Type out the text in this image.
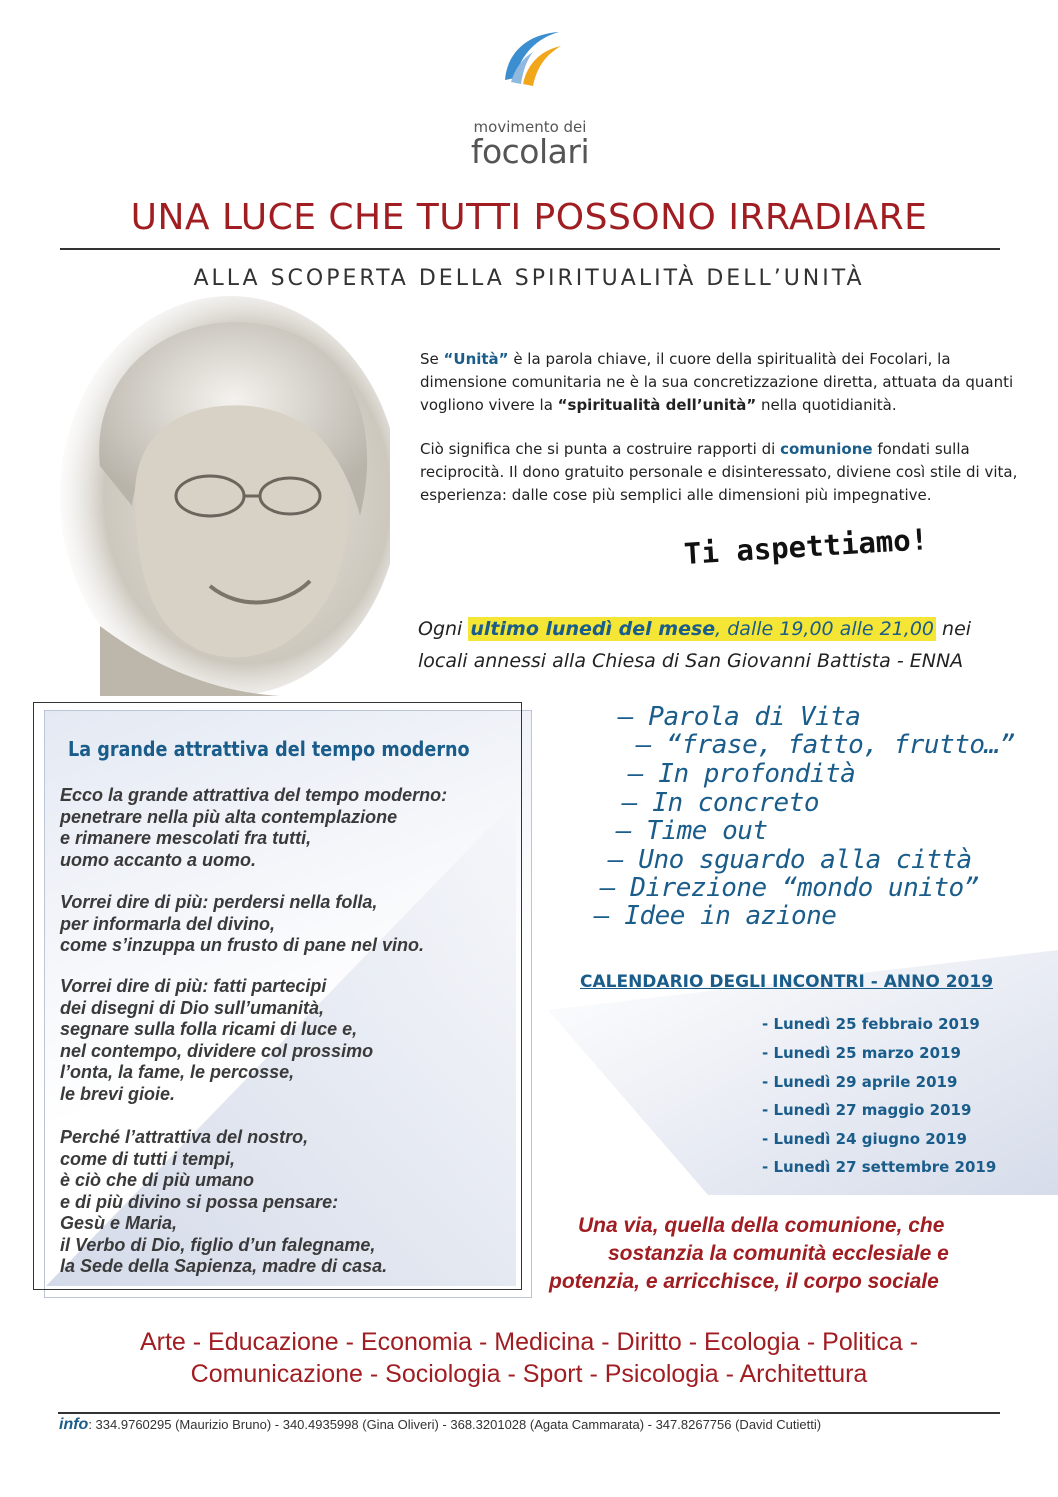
movimento dei
focolari
UNA LUCE CHE TUTTI POSSONO IRRADIARE
ALLA SCOPERTA DELLA SPIRITUALITÀ DELL’UNITÀ

Se “Unità” è la parola chiave, il cuore della spiritualità dei Focolari, la dimensione comunitaria ne è la sua concretizzazione diretta, attuata da quanti vogliono vivere la “spiritualità dell’unità” nella quotidianità.

Ciò significa che si punta a costruire rapporti di comunione fondati sulla reciprocità. Il dono gratuito personale e disinteressato, diviene così stile di vita, esperienza: dalle cose più semplici alle dimensioni più impegnative.

Ti aspettiamo!
Ogni ultimo lunedì del mese, dalle 19,00 alle 21,00 nei
locali annessi alla Chiesa di San Giovanni Battista - ENNA
– Parola di Vita
– “frase, fatto, frutto…”
– In profondità
– In concreto
– Time out
– Uno sguardo alla città
– Direzione “mondo unito”
– Idee in azione
La grande attrattiva del tempo moderno
Ecco la grande attrattiva del tempo moderno:
penetrare nella più alta contemplazione
e rimanere mescolati fra tutti,
uomo accanto a uomo.
Vorrei dire di più: perdersi nella folla,
per informarla del divino,
come s’inzuppa un frusto di pane nel vino.
Vorrei dire di più: fatti partecipi
dei disegni di Dio sull’umanità,
segnare sulla folla ricami di luce e,
nel contempo, dividere col prossimo
l’onta, la fame, le percosse,
le brevi gioie.
Perché l’attrattiva del nostro,
come di tutti i tempi,
è ciò che di più umano
e di più divino si possa pensare:
Gesù e Maria,
il Verbo di Dio, figlio d’un falegname,
la Sede della Sapienza, madre di casa.
CALENDARIO DEGLI INCONTRI - ANNO 2019
- Lunedì 25 febbraio 2019
- Lunedì 25 marzo 2019
- Lunedì 29 aprile 2019
- Lunedì 27 maggio 2019
- Lunedì 24 giugno 2019
- Lunedì 27 settembre 2019
Una via, quella della comunione, che
sostanzia la comunità ecclesiale e
potenzia, e arricchisce, il corpo sociale
Arte - Educazione - Economia - Medicina - Diritto - Ecologia - Politica -
Comunicazione - Sociologia - Sport - Psicologia - Architettura
info: 334.9760295 (Maurizio Bruno) - 340.4935998 (Gina Oliveri) - 368.3201028 (Agata Cammarata) - 347.8267756 (David Cutietti)
